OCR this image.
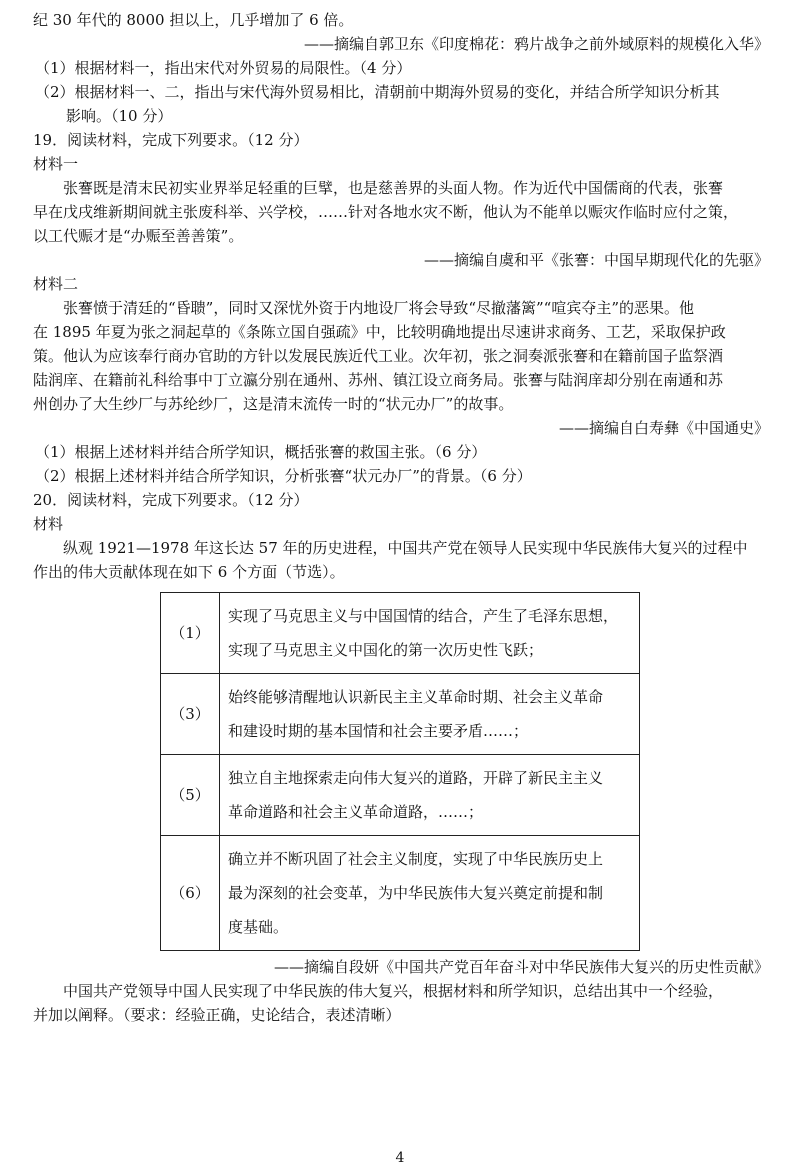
纪 30 年代的 8000 担以上，几乎增加了 6 倍。
——摘编自郭卫东《印度棉花：鸦片战争之前外域原料的规模化入华》
（1）根据材料一，指出宋代对外贸易的局限性。（4 分）
（2）根据材料一、二，指出与宋代海外贸易相比，清朝前中期海外贸易的变化，并结合所学知识分析其
影响。（10 分）
19．阅读材料，完成下列要求。（12 分）
材料一
张謇既是清末民初实业界举足轻重的巨擘，也是慈善界的头面人物。作为近代中国儒商的代表，张謇
早在戊戌维新期间就主张废科举、兴学校，……针对各地水灾不断，他认为不能单以赈灾作临时应付之策，
以工代赈才是“办赈至善善策”。
——摘编自虞和平《张謇：中国早期现代化的先驱》
材料二
张謇愤于清廷的“昏聩”，同时又深忧外资于内地设厂将会导致“尽撤藩篱”“喧宾夺主”的恶果。他
在 1895 年夏为张之洞起草的《条陈立国自强疏》中，比较明确地提出尽速讲求商务、工艺，采取保护政
策。他认为应该奉行商办官助的方针以发展民族近代工业。次年初，张之洞奏派张謇和在籍前国子监祭酒
陆润庠、在籍前礼科给事中丁立瀛分别在通州、苏州、镇江设立商务局。张謇与陆润庠却分别在南通和苏
州创办了大生纱厂与苏纶纱厂，这是清末流传一时的“状元办厂”的故事。
——摘编自白寿彝《中国通史》
（1）根据上述材料并结合所学知识，概括张謇的救国主张。（6 分）
（2）根据上述材料并结合所学知识，分析张謇“状元办厂”的背景。（6 分）
20．阅读材料，完成下列要求。（12 分）
材料
纵观 1921—1978 年这长达 57 年的历史进程，中国共产党在领导人民实现中华民族伟大复兴的过程中
作出的伟大贡献体现在如下 6 个方面（节选）。
（1）	实现了马克思主义与中国国情的结合，产生了毛泽东思想，
实现了马克思主义中国化的第一次历史性飞跃；

（3）	始终能够清醒地认识新民主主义革命时期、社会主义革命
和建设时期的基本国情和社会主要矛盾……；

（5）	独立自主地探索走向伟大复兴的道路，开辟了新民主主义
革命道路和社会主义革命道路，……；

（6）	确立并不断巩固了社会主义制度，实现了中华民族历史上
最为深刻的社会变革，为中华民族伟大复兴奠定前提和制
度基础。
——摘编自段妍《中国共产党百年奋斗对中华民族伟大复兴的历史性贡献》
中国共产党领导中国人民实现了中华民族的伟大复兴，根据材料和所学知识，总结出其中一个经验，
并加以阐释。（要求：经验正确，史论结合，表述清晰）
4
